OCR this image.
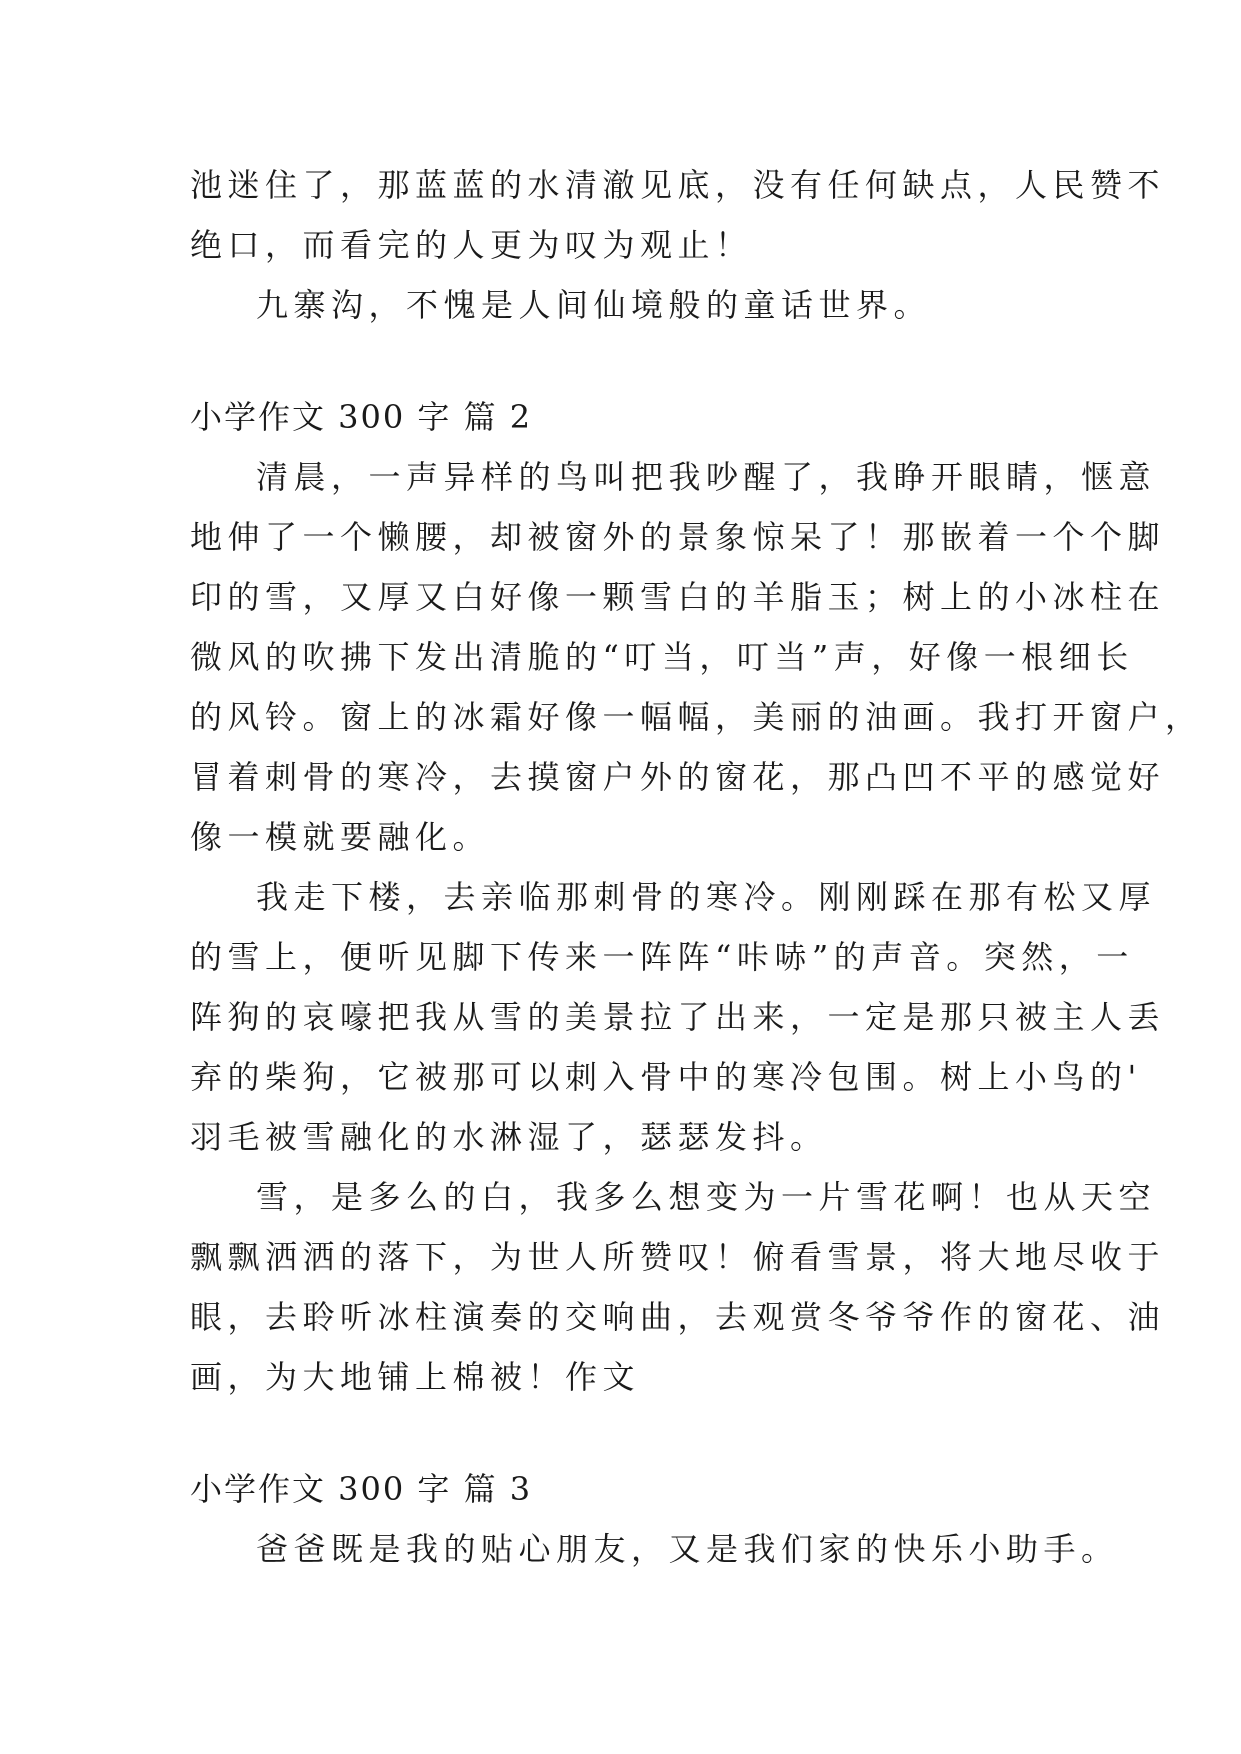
池迷住了，那蓝蓝的水清澈见底，没有任何缺点，人民赞不
绝口，而看完的人更为叹为观止！
九寨沟，不愧是人间仙境般的童话世界。
小学作文 300 字 篇 2
清晨，一声异样的鸟叫把我吵醒了，我睁开眼睛，惬意
地伸了一个懒腰，却被窗外的景象惊呆了！那嵌着一个个脚
印的雪，又厚又白好像一颗雪白的羊脂玉；树上的小冰柱在
微风的吹拂下发出清脆的“叮当，叮当”声，好像一根细长
的风铃。窗上的冰霜好像一幅幅，美丽的油画。我打开窗户，
冒着刺骨的寒冷，去摸窗户外的窗花，那凸凹不平的感觉好
像一模就要融化。
我走下楼，去亲临那刺骨的寒冷。刚刚踩在那有松又厚
的雪上，便听见脚下传来一阵阵“咔哧”的声音。突然，一
阵狗的哀嚎把我从雪的美景拉了出来，一定是那只被主人丢
弃的柴狗，它被那可以刺入骨中的寒冷包围。树上小鸟的'
羽毛被雪融化的水淋湿了，瑟瑟发抖。
雪，是多么的白，我多么想变为一片雪花啊！也从天空
飘飘洒洒的落下，为世人所赞叹！俯看雪景，将大地尽收于
眼，去聆听冰柱演奏的交响曲，去观赏冬爷爷作的窗花、油
画，为大地铺上棉被！作文
小学作文 300 字 篇 3
爸爸既是我的贴心朋友，又是我们家的快乐小助手。
